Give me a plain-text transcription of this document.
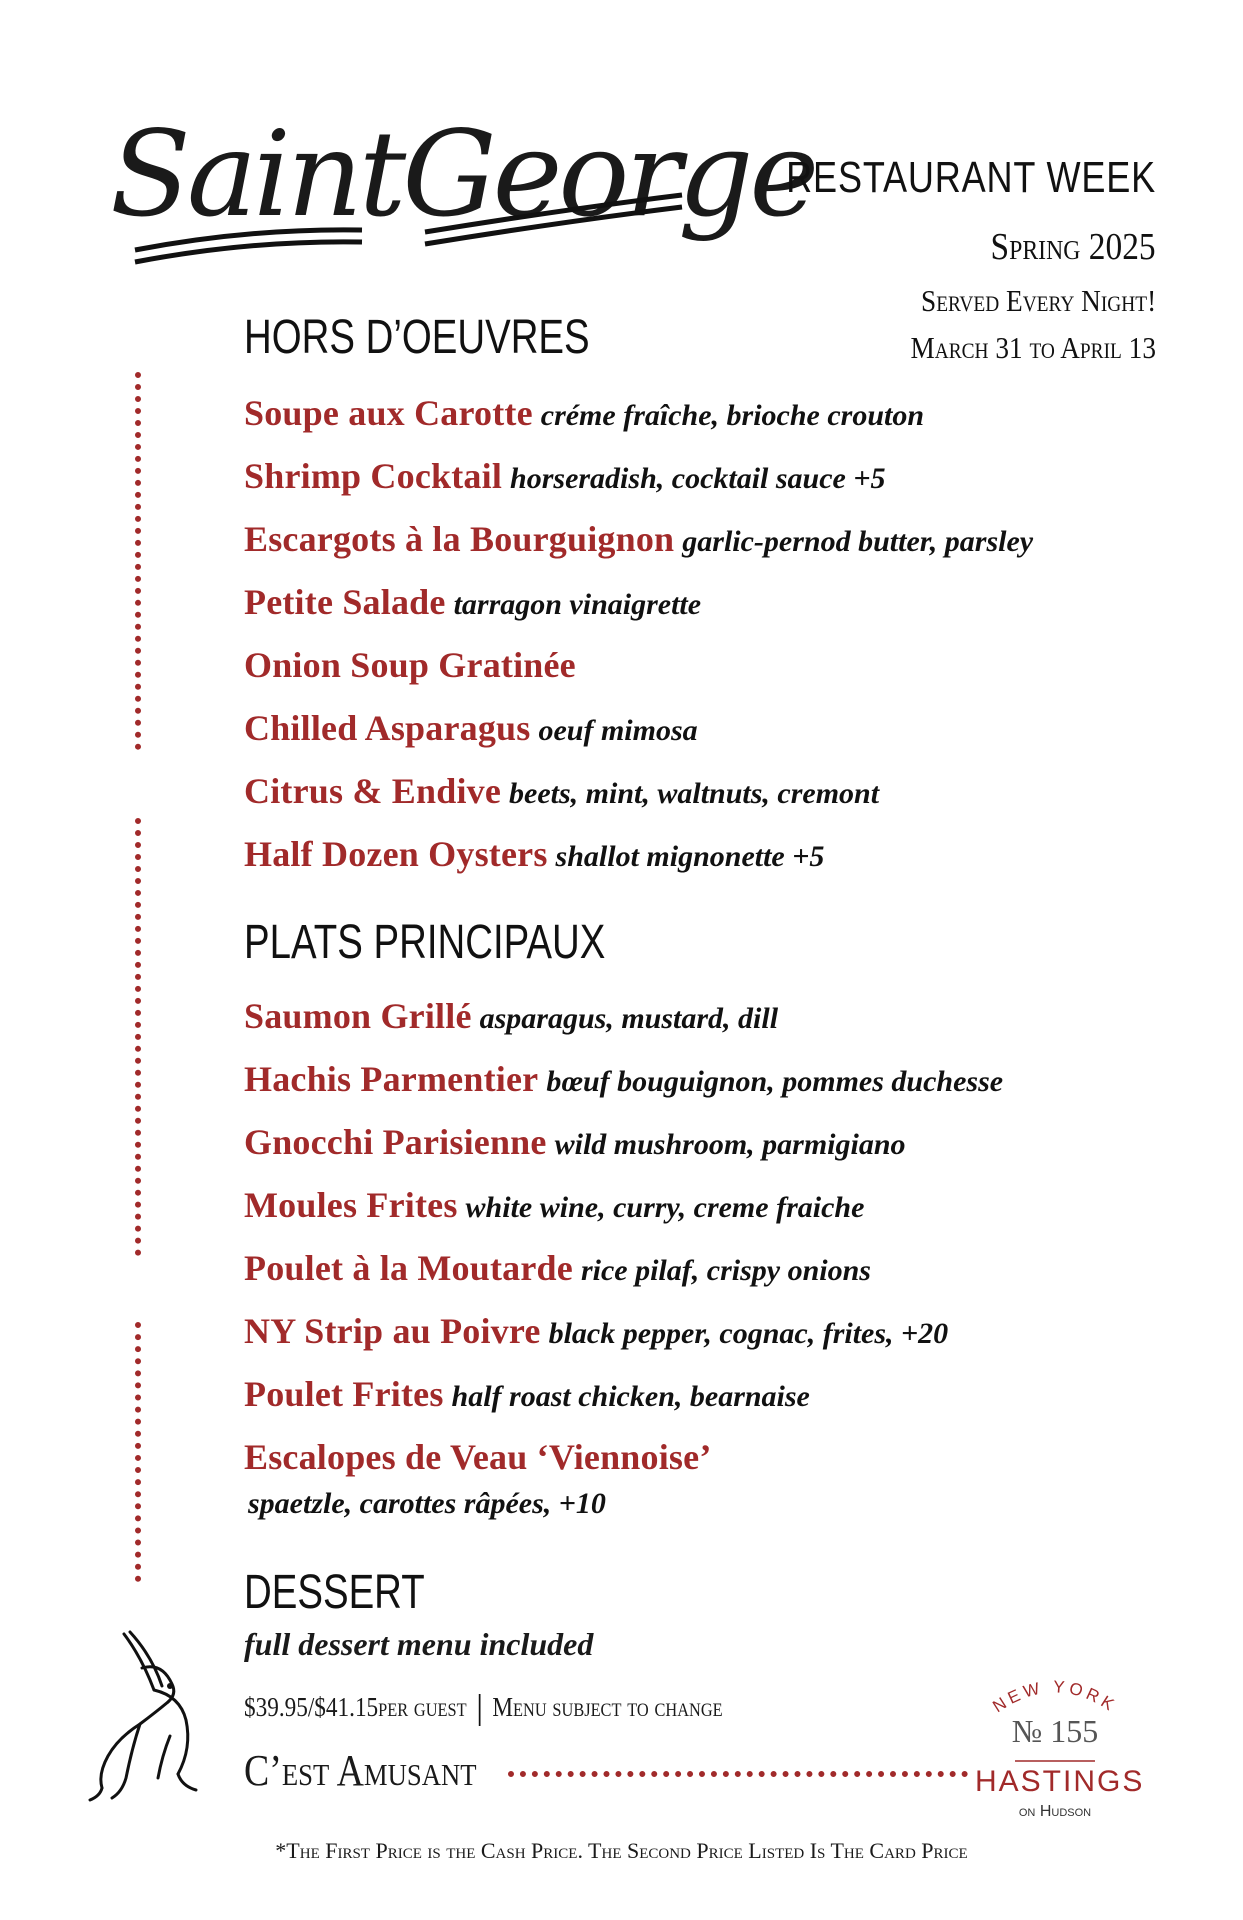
SaintGeorge
RESTAURANT WEEK
Spring 2025
Served Every Night!
March 31 to April 13
HORS D’OEUVRES
Soupe aux Carotte créme fraîche, brioche crouton
Shrimp Cocktail horseradish, cocktail sauce +5
Escargots à la Bourguignon garlic-pernod butter, parsley
Petite Salade tarragon vinaigrette
Onion Soup Gratinée
Chilled Asparagus oeuf mimosa
Citrus & Endive beets, mint, waltnuts, cremont
Half Dozen Oysters shallot mignonette +5
PLATS PRINCIPAUX
Saumon Grillé asparagus, mustard, dill
Hachis Parmentier bœuf bouguignon, pommes duchesse
Gnocchi Parisienne wild mushroom, parmigiano
Moules Frites white wine, curry, creme fraiche
Poulet à la Moutarde rice pilaf, crispy onions
NY Strip au Poivre black pepper, cognac, frites, +20
Poulet Frites half roast chicken, bearnaise
Escalopes de Veau ‘Viennoise’
spaetzle, carottes râpées, +10
DESSERT
full dessert menu included
$39.95/$41.15per guest Menu subject to change
C’est Amusant
NEW YORK
№ 155
HASTINGS
on Hudson
*The First Price is the Cash Price. The Second Price Listed Is The Card Price
